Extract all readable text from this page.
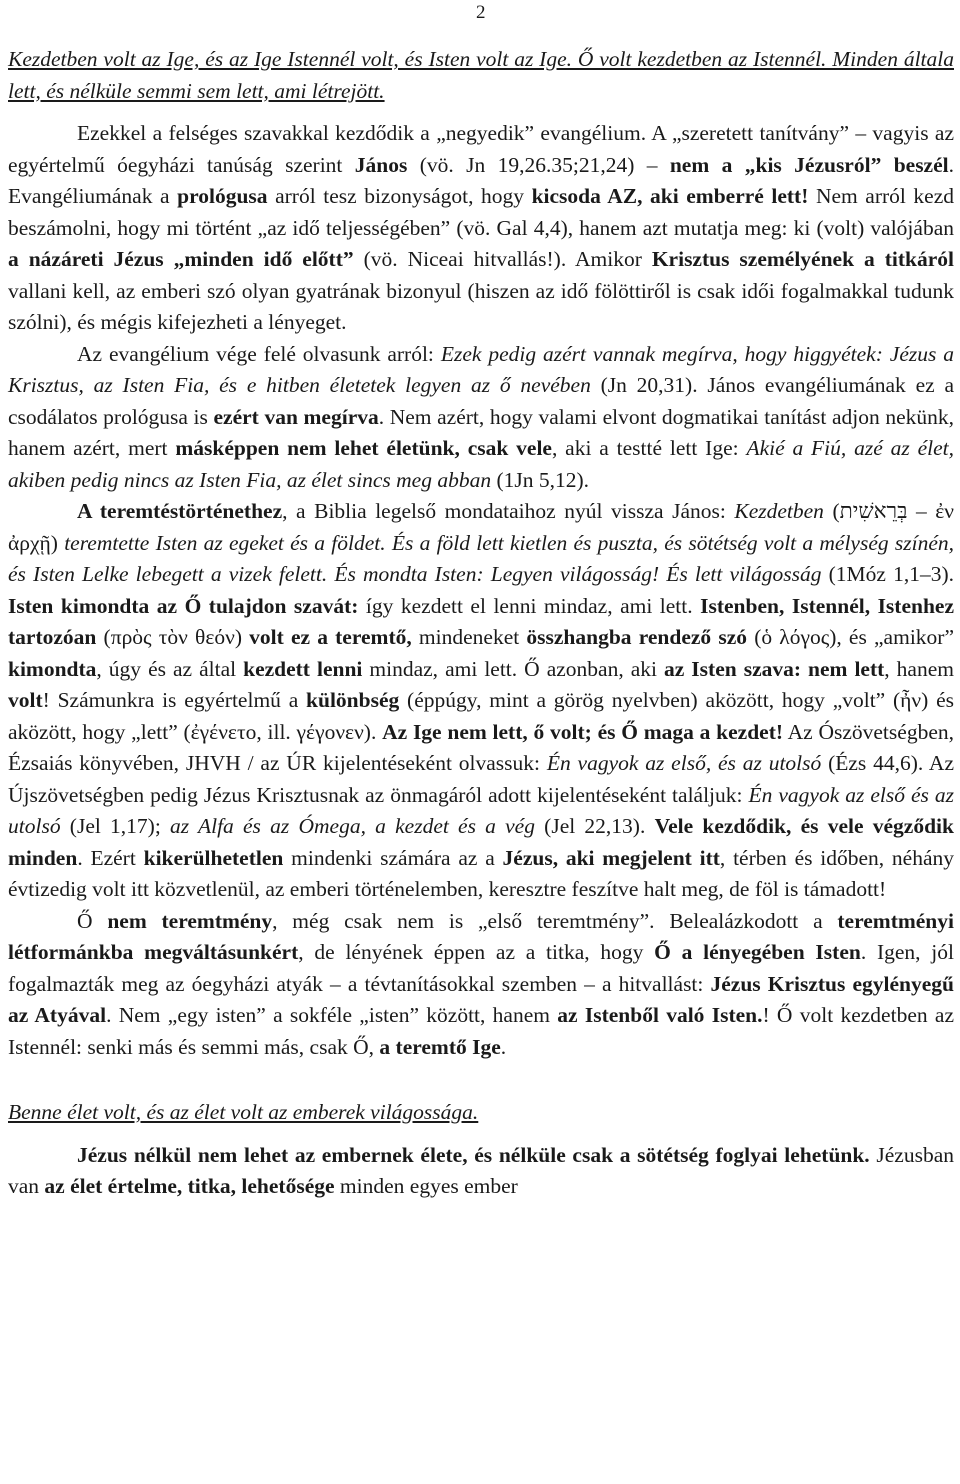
2

Kezdetben volt az Ige, és az Ige Istennél volt, és Isten volt az Ige. Ő volt kezdetben az Istennél. Minden általa lett, és nélküle semmi sem lett, ami létrejött.

Ezekkel a felséges szavakkal kezdődik a „negyedik” evangélium. A „szeretett tanítvány” – vagyis az egyértelmű óegyházi tanúság szerint János (vö. Jn 19,26.35;21,24) – nem a „kis Jézusról” beszél. Evangéliumának a prológusa arról tesz bizonyságot, hogy kicsoda AZ, aki emberré lett! Nem arról kezd beszámolni, hogy mi történt „az idő teljességében” (vö. Gal 4,4), hanem azt mutatja meg: ki (volt) valójában a názáreti Jézus „minden idő előtt” (vö. Niceai hitvallás!). Amikor Krisztus személyének a titkáról vallani kell, az emberi szó olyan gyatrának bizonyul (hiszen az idő fölöttiről is csak idői fogalmakkal tudunk szólni), és mégis kifejezheti a lényeget.

Az evangélium vége felé olvasunk arról: Ezek pedig azért vannak megírva, hogy higgyétek: Jézus a Krisztus, az Isten Fia, és e hitben életetek legyen az ő nevében (Jn 20,31). János evangéliumának ez a csodálatos prológusa is ezért van megírva. Nem azért, hogy valami elvont dogmatikai tanítást adjon nekünk, hanem azért, mert másképpen nem lehet életünk, csak vele, aki a testté lett Ige: Akié a Fiú, azé az élet, akiben pedig nincs az Isten Fia, az élet sincs meg abban (1Jn 5,12).

A teremtéstörténethez, a Biblia legelső mondataihoz nyúl vissza János: Kezdetben (בְּרֵאשִׁית – ἐν ἀρχῇ) teremtette Isten az egeket és a földet. És a föld lett kietlen és puszta, és sötétség volt a mélység színén, és Isten Lelke lebegett a vizek felett. És mondta Isten: Legyen világosság! És lett világosság (1Móz 1,1–3). Isten kimondta az Ő tulajdon szavát: így kezdett el lenni mindaz, ami lett. Istenben, Istennél, Istenhez tartozóan (πρὸς τὸν θεόν) volt ez a teremtő, mindeneket összhangba rendező szó (ὁ λόγος), és „amikor” kimondta, úgy és az által kezdett lenni mindaz, ami lett. Ő azonban, aki az Isten szava: nem lett, hanem volt! Számunkra is egyértelmű a különbség (éppúgy, mint a görög nyelvben) aközött, hogy „volt” (ἦν) és aközött, hogy „lett” (ἐγένετο, ill. γέγονεν). Az Ige nem lett, ő volt; és Ő maga a kezdet! Az Ószövetségben, Ézsaiás könyvében, JHVH / az ÚR kijelentéseként olvassuk: Én vagyok az első, és az utolsó (Ézs 44,6). Az Újszövetségben pedig Jézus Krisztusnak az önmagáról adott kijelentéseként találjuk: Én vagyok az első és az utolsó (Jel 1,17); az Alfa és az Ómega, a kezdet és a vég (Jel 22,13). Vele kezdődik, és vele végződik minden. Ezért kikerülhetetlen mindenki számára az a Jézus, aki megjelent itt, térben és időben, néhány évtizedig volt itt közvetlenül, az emberi történelemben, keresztre feszítve halt meg, de föl is támadott!

Ő nem teremtmény, még csak nem is „első teremtmény”. Belealázkodott a teremtményi létformánkba megváltásunkért, de lényének éppen az a titka, hogy Ő a lényegében Isten. Igen, jól fogalmazták meg az óegyházi atyák – a tévtanításokkal szemben – a hitvallást: Jézus Krisztus egylényegű az Atyával. Nem „egy isten” a sokféle „isten” között, hanem az Istenből való Isten.! Ő volt kezdetben az Istennél: senki más és semmi más, csak Ő, a teremtő Ige.

Benne élet volt, és az élet volt az emberek világossága.

Jézus nélkül nem lehet az embernek élete, és nélküle csak a sötétség foglyai lehetünk. Jézusban van az élet értelme, titka, lehetősége minden egyes ember
